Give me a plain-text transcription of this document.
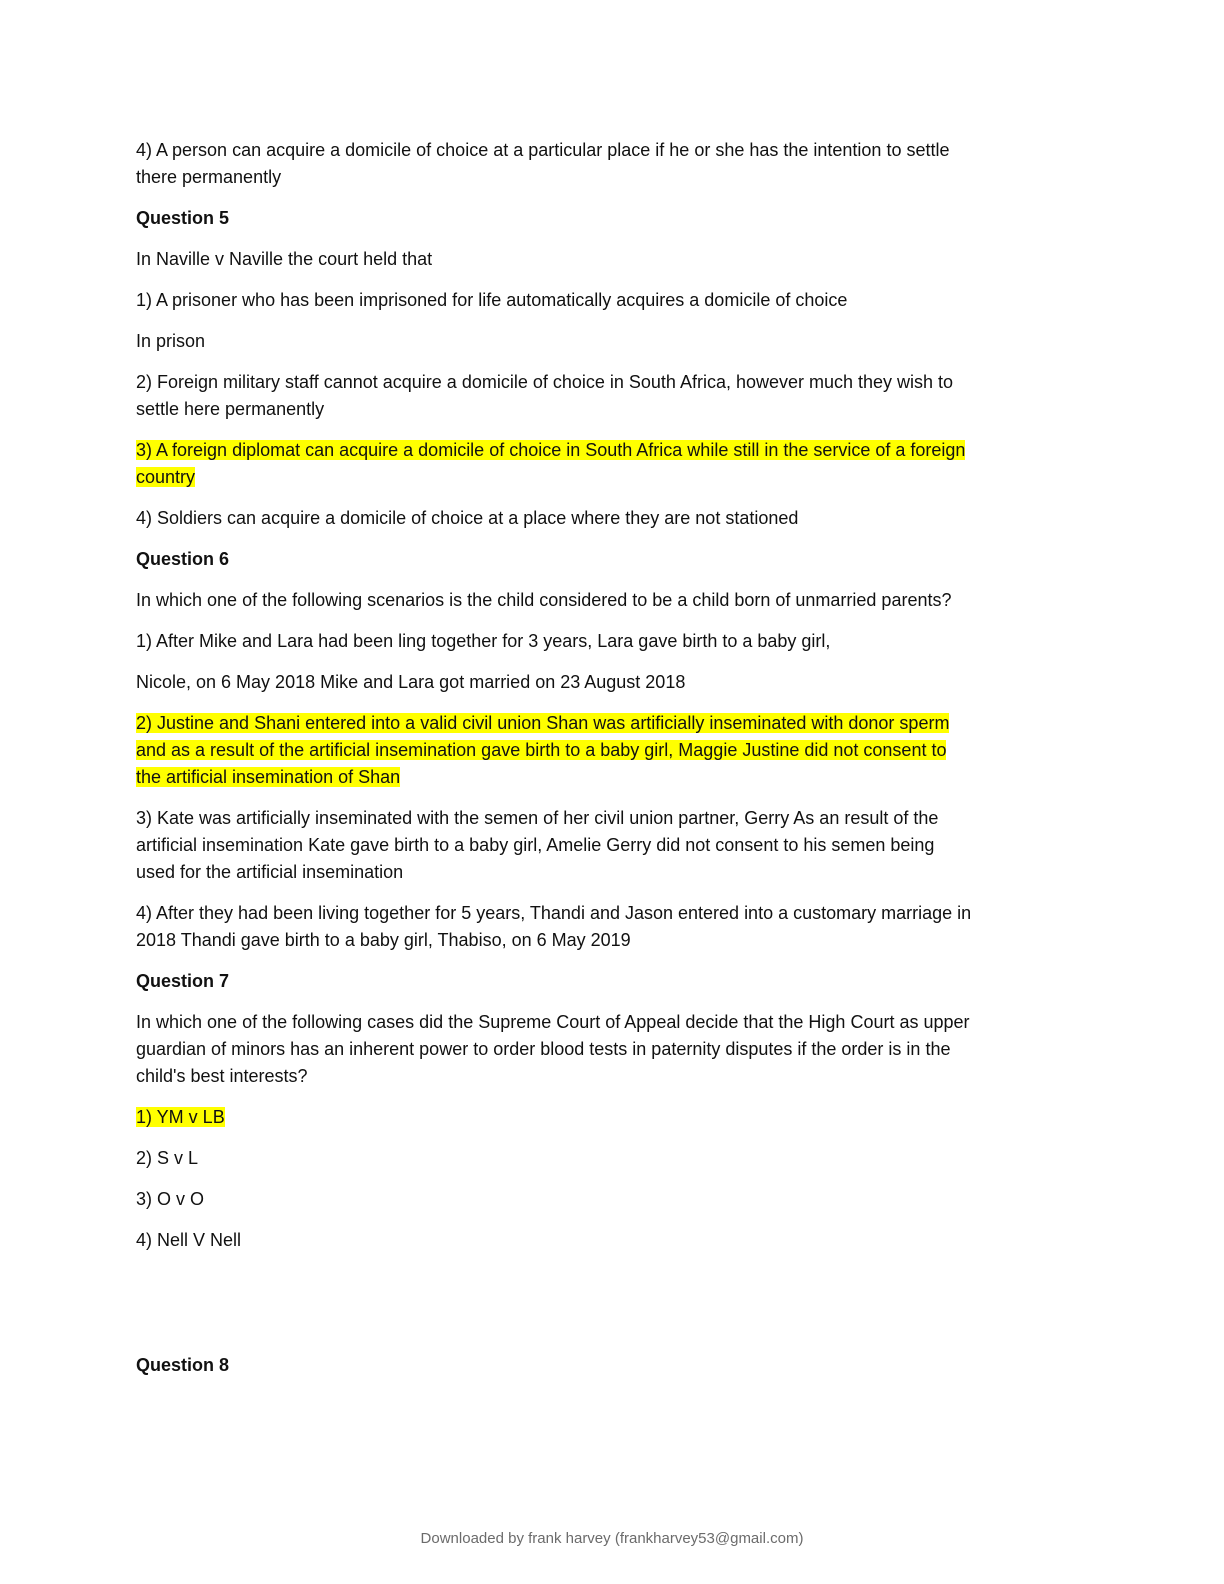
4) A person can acquire a domicile of choice at a particular place if he or she has the intention to settle there permanently

Question 5

In Naville v Naville the court held that

1) A prisoner who has been imprisoned for life automatically acquires a domicile of choice

In prison

2) Foreign military staff cannot acquire a domicile of choice in South Africa, however much they wish to settle here permanently

3) A foreign diplomat can acquire a domicile of choice in South Africa while still in the service of a foreign country

4) Soldiers can acquire a domicile of choice at a place where they are not stationed

Question 6

In which one of the following scenarios is the child considered to be a child born of unmarried parents?

1) After Mike and Lara had been ling together for 3 years, Lara gave birth to a baby girl,

Nicole, on 6 May 2018 Mike and Lara got married on 23 August 2018

2) Justine and Shani entered into a valid civil union Shan was artificially inseminated with donor sperm and as a result of the artificial insemination gave birth to a baby girl, Maggie Justine did not consent to the artificial insemination of Shan

3) Kate was artificially inseminated with the semen of her civil union partner, Gerry As an result of the artificial insemination Kate gave birth to a baby girl, Amelie Gerry did not consent to his semen being used for the artificial insemination

4) After they had been living together for 5 years, Thandi and Jason entered into a customary marriage in 2018 Thandi gave birth to a baby girl, Thabiso, on 6 May 2019

Question 7

In which one of the following cases did the Supreme Court of Appeal decide that the High Court as upper guardian of minors has an inherent power to order blood tests in paternity disputes if the order is in the child's best interests?

1) YM v LB

2) S v L

3) O v O

4) Nell V Nell

Question 8
Downloaded by frank harvey (frankharvey53@gmail.com)
